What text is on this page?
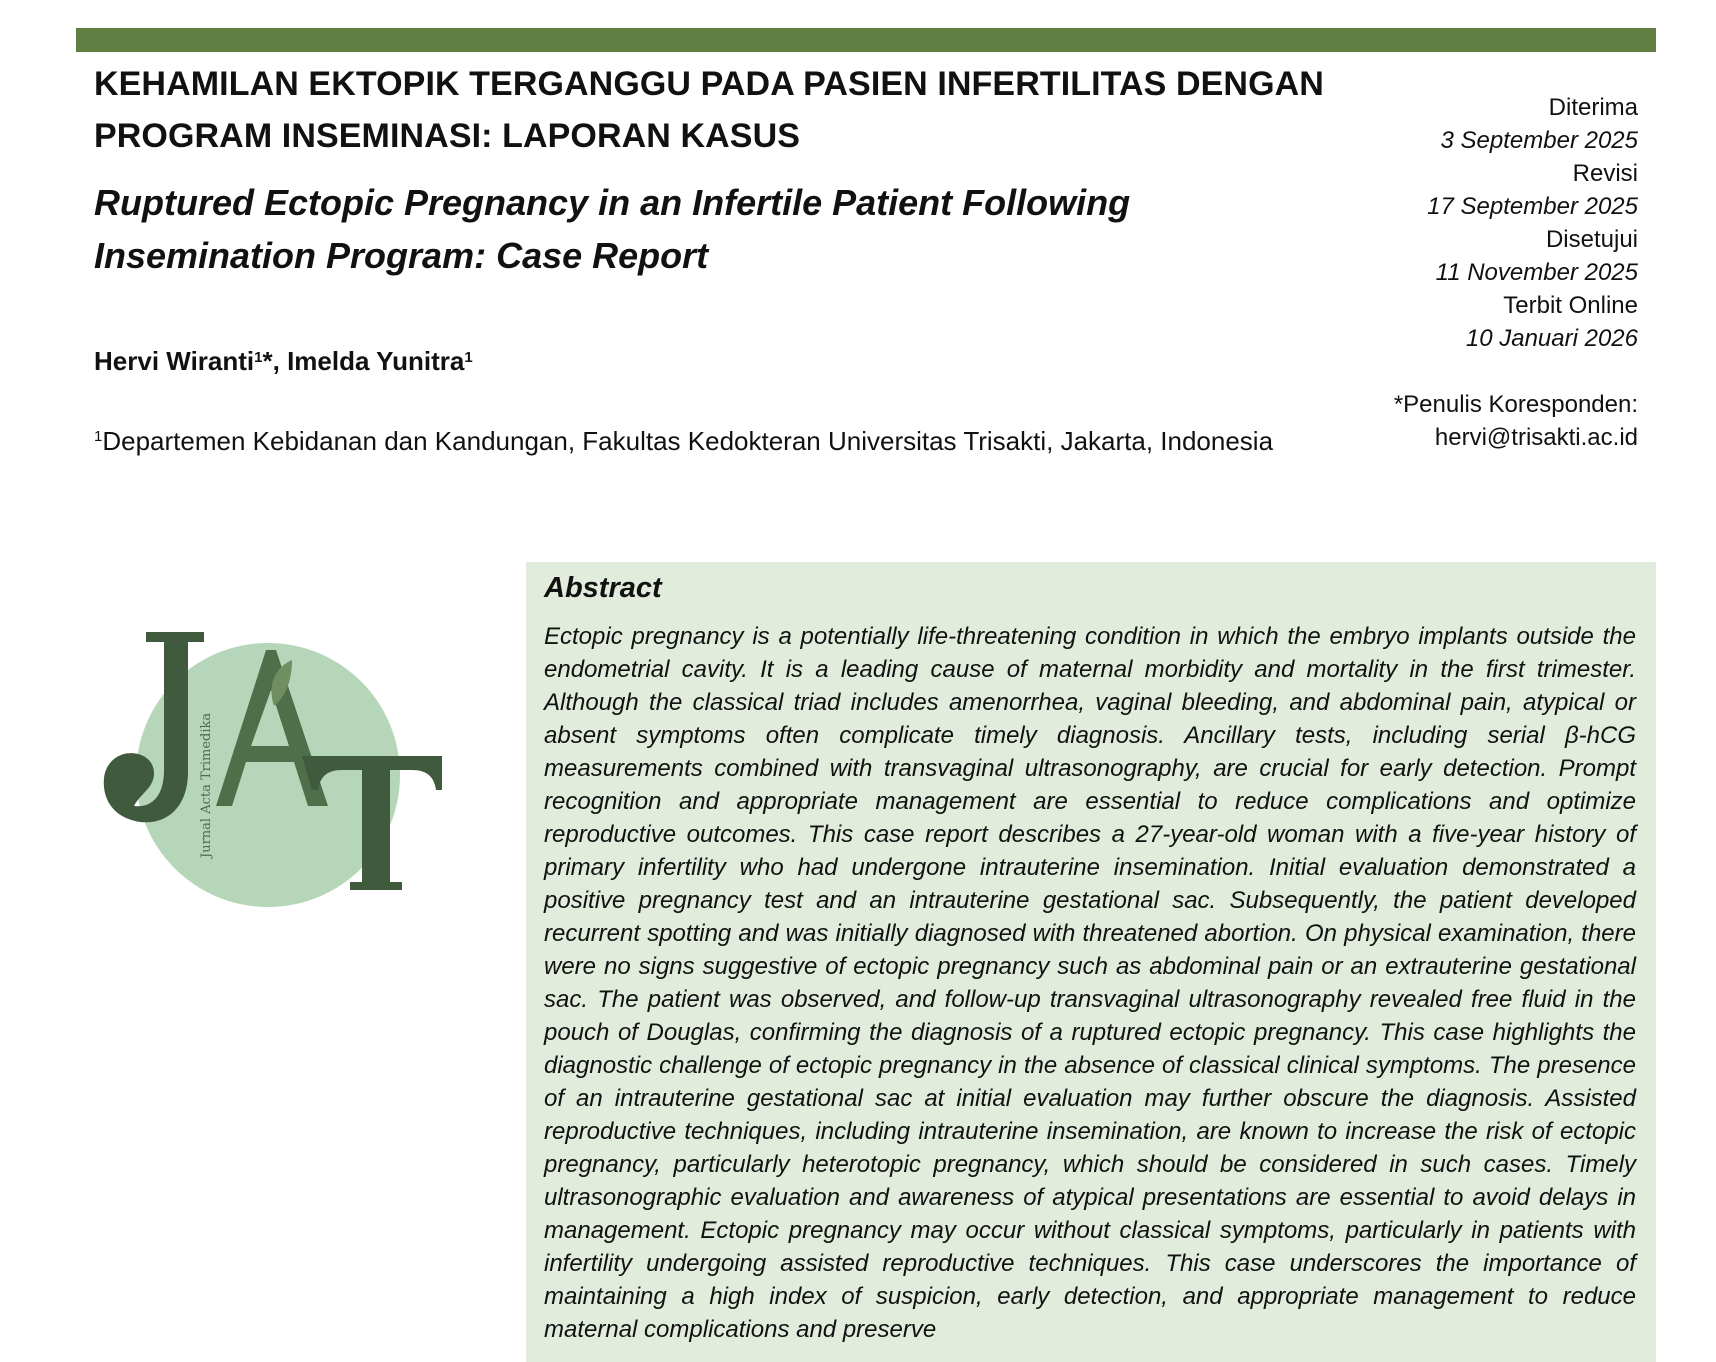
KEHAMILAN EKTOPIK TERGANGGU PADA PASIEN INFERTILITAS DENGAN PROGRAM INSEMINASI: LAPORAN KASUS
Ruptured Ectopic Pregnancy in an Infertile Patient Following Insemination Program: Case Report

Hervi Wiranti$^1$*, Imelda Yunitra$^1$

$^1$Departemen Kebidanan dan Kandungan, Fakultas Kedokteran Universitas Trisakti, Jakarta, Indonesia

Diterima
3 September 2025
Revisi
17 September 2025
Disetujui
11 November 2025
Terbit Online
10 Januari 2026
*Penulis Koresponden:
hervi@trisakti.ac.id
Jurnal Acta Trimedika
Abstract

Ectopic pregnancy is a potentially life-threatening condition in which the embryo implants outside the endometrial cavity. It is a leading cause of maternal morbidity and mortality in the first trimester. Although the classical triad includes amenorrhea, vaginal bleeding, and abdominal pain, atypical or absent symptoms often complicate timely diagnosis. Ancillary tests, including serial β-hCG measurements combined with transvaginal ultrasonography, are crucial for early detection. Prompt recognition and appropriate management are essential to reduce complications and optimize reproductive outcomes. This case report describes a 27-year-old woman with a five-year history of primary infertility who had undergone intrauterine insemination. Initial evaluation demonstrated a positive pregnancy test and an intrauterine gestational sac. Subsequently, the patient developed recurrent spotting and was initially diagnosed with threatened abortion. On physical examination, there were no signs suggestive of ectopic pregnancy such as abdominal pain or an extrauterine gestational sac. The patient was observed, and follow-up transvaginal ultrasonography revealed free fluid in the pouch of Douglas, confirming the diagnosis of a ruptured ectopic pregnancy. This case highlights the diagnostic challenge of ectopic pregnancy in the absence of classical clinical symptoms. The presence of an intrauterine gestational sac at initial evaluation may further obscure the diagnosis. Assisted reproductive techniques, including intrauterine insemination, are known to increase the risk of ectopic pregnancy, particularly heterotopic pregnancy, which should be considered in such cases. Timely ultrasonographic evaluation and awareness of atypical presentations are essential to avoid delays in management. Ectopic pregnancy may occur without classical symptoms, particularly in patients with infertility undergoing assisted reproductive techniques. This case underscores the importance of maintaining a high index of suspicion, early detection, and appropriate management to reduce maternal complications and preserve
